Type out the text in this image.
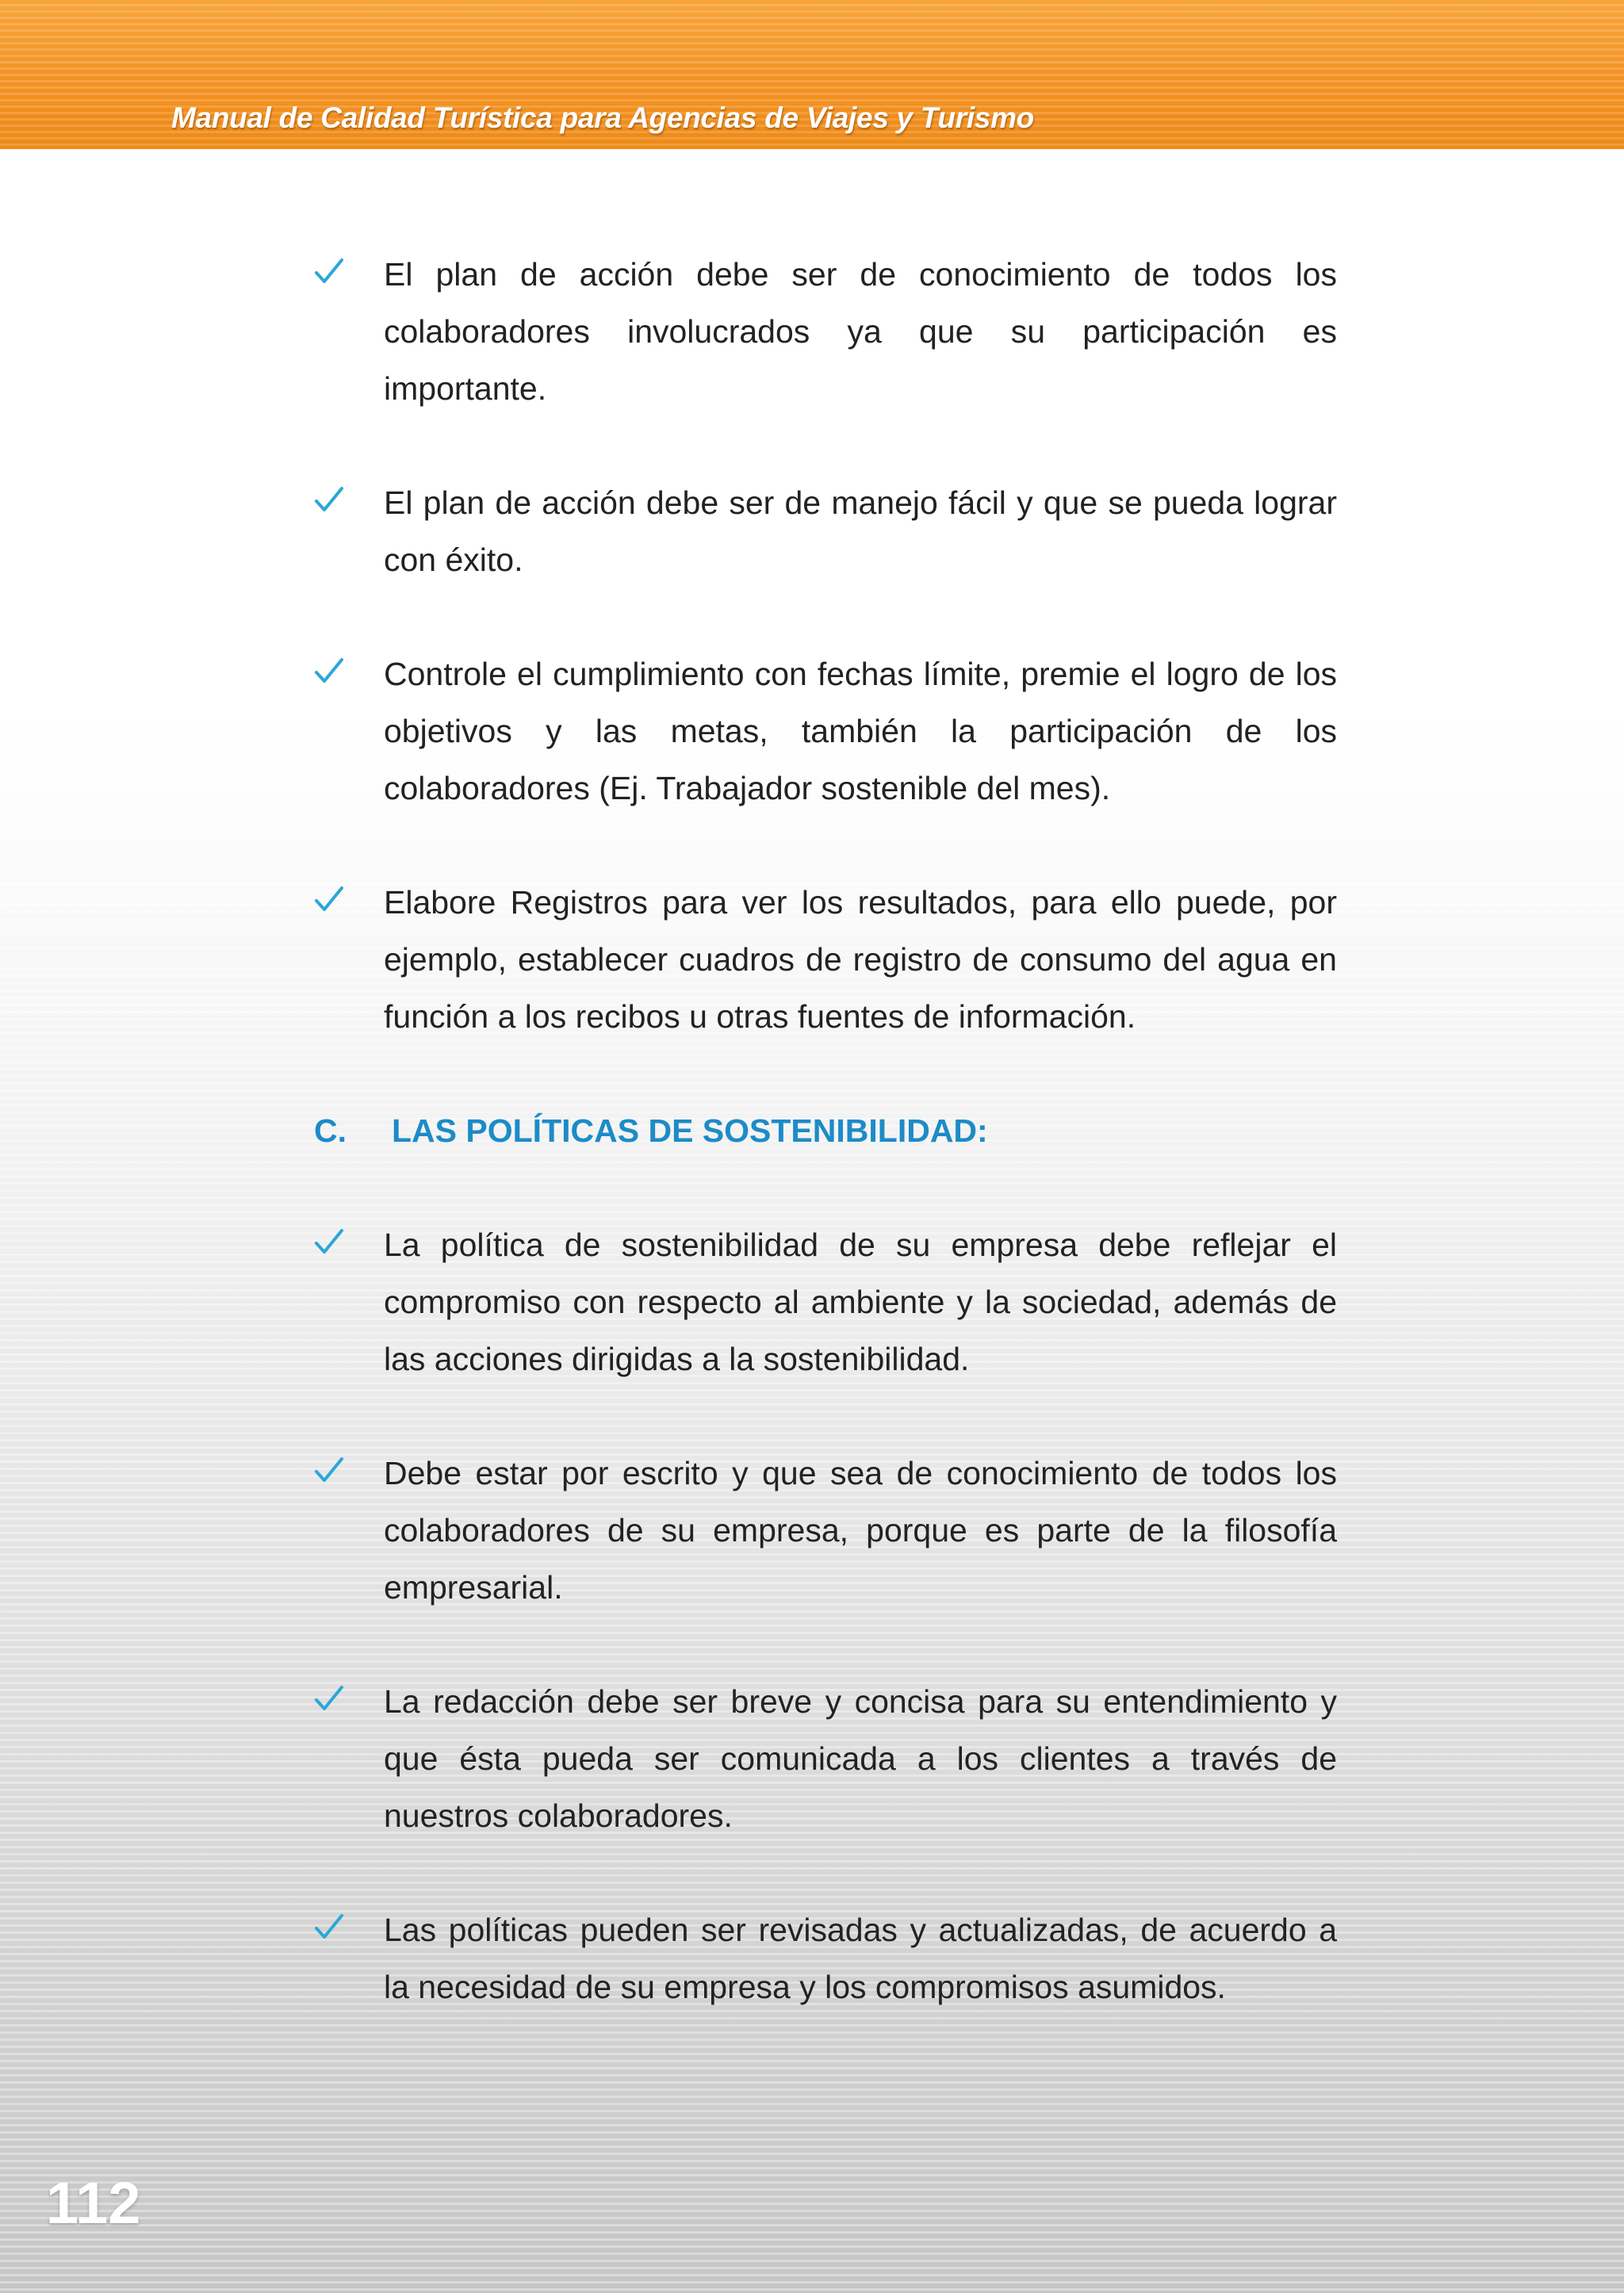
Manual de Calidad Turística para Agencias de Viajes y Turismo
El plan de acción debe ser de conocimiento de todos los colaboradores involucrados ya que su participación es importante.
El plan de acción debe ser de manejo fácil y que se pueda lograr con éxito.
Controle el cumplimiento con fechas límite, premie el logro de los objetivos y las metas, también la participación de los colaboradores (Ej. Trabajador sostenible del mes).
Elabore Registros para ver los resultados, para ello puede, por ejemplo, establecer cuadros de registro de consumo del agua en función a los recibos u otras fuentes de información.
C.	LAS POLÍTICAS DE SOSTENIBILIDAD:
La política de sostenibilidad de su empresa debe reflejar el compromiso con respecto al ambiente y la sociedad, además de las acciones dirigidas a la sostenibilidad.
Debe estar por escrito y que sea de conocimiento de todos los colaboradores de su empresa, porque es parte de la filosofía empresarial.
La redacción debe ser breve y concisa para su entendimiento y que ésta pueda ser comunicada a los clientes a través de nuestros colaboradores.
Las políticas pueden ser revisadas y actualizadas, de acuerdo a la necesidad de su empresa y los compromisos asumidos.
112
